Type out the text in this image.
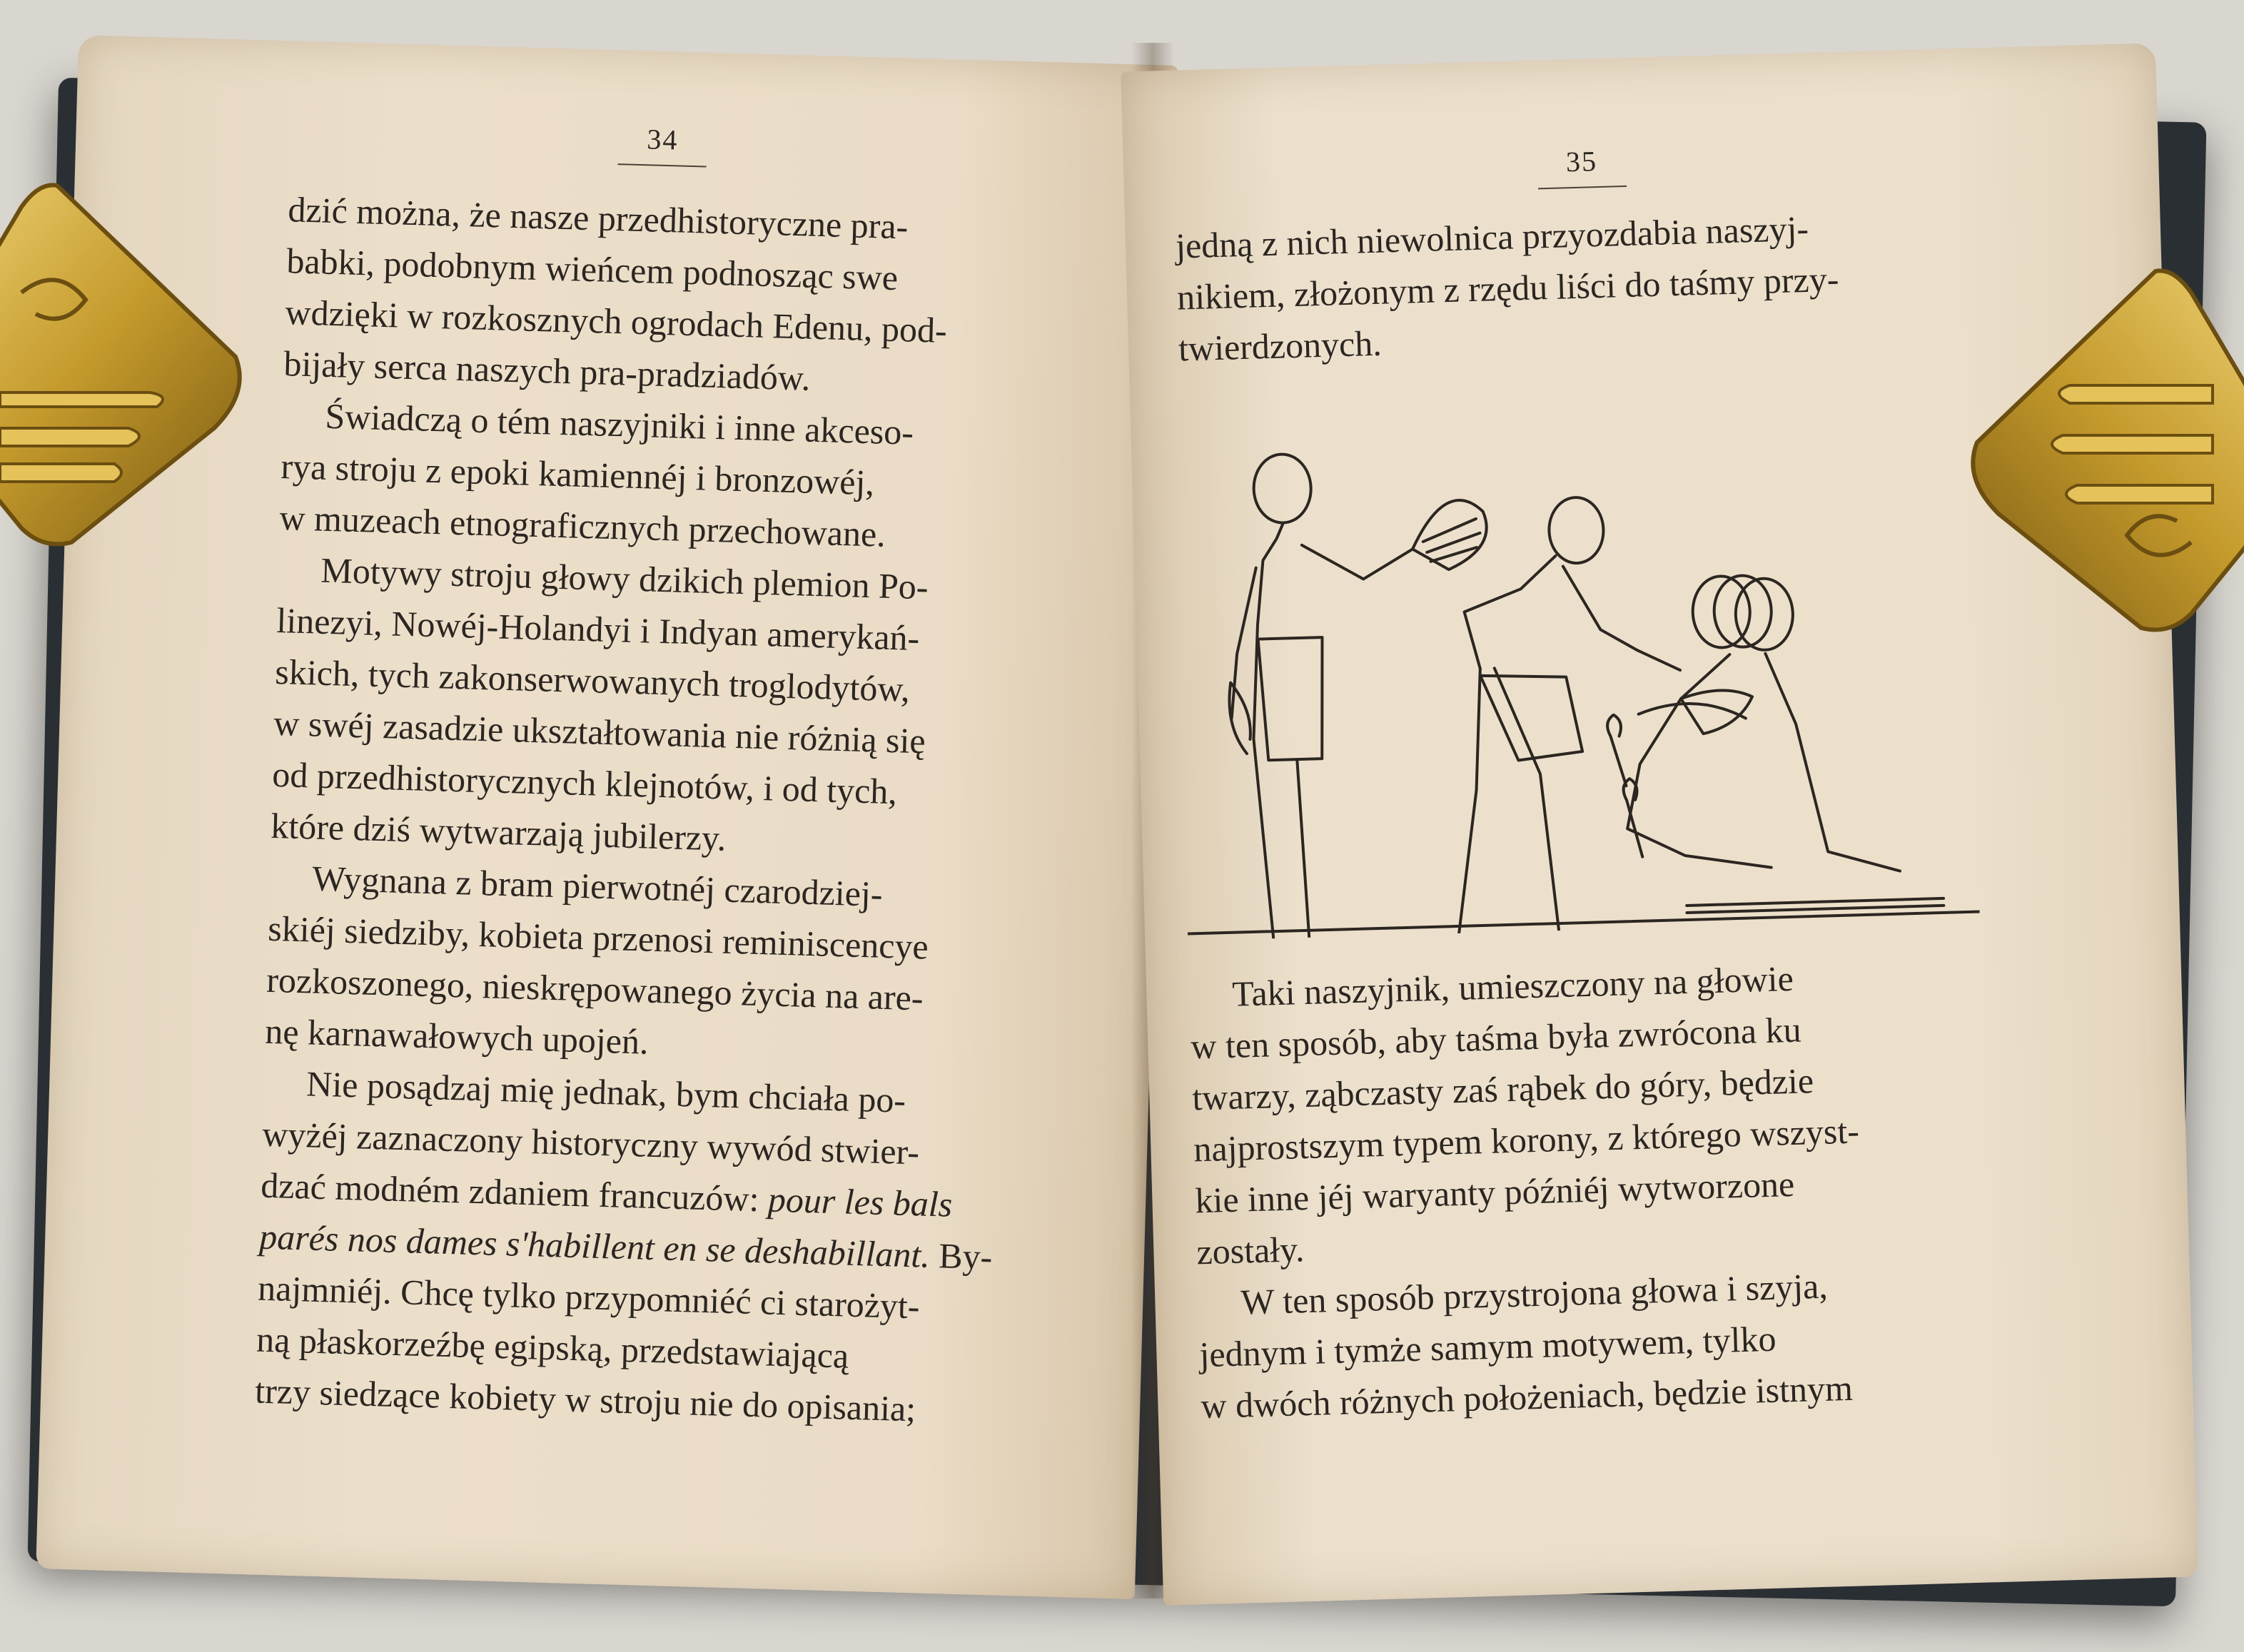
34
dzić można, że nasze przedhistoryczne pra-
babki, podobnym wieńcem podnosząc swe
wdzięki w rozkosznych ogrodach Edenu, pod-
bijały serca naszych pra-pradziadów.
Świadczą o tém naszyjniki i inne akceso-
rya stroju z epoki kamiennéj i bronzowéj,
w muzeach etnograficznych przechowane.
Motywy stroju głowy dzikich plemion Po-
linezyi, Nowéj-Holandyi i Indyan amerykań-
skich, tych zakonserwowanych troglodytów,
w swéj zasadzie ukształtowania nie różnią się
od przedhistorycznych klejnotów, i od tych,
które dziś wytwarzają jubilerzy.
Wygnana z bram pierwotnéj czarodziej-
skiéj siedziby, kobieta przenosi reminiscencye
rozkoszonego, nieskrępowanego życia na are-
nę karnawałowych upojeń.
Nie posądzaj mię jednak, bym chciała po-
wyżéj zaznaczony historyczny wywód stwier-
dzać modném zdaniem francuzów: pour les bals
parés nos dames s'habillent en se deshabillant. By-
najmniéj. Chcę tylko przypomniéć ci starożyt-
ną płaskorzeźbę egipską, przedstawiającą
trzy siedzące kobiety w stroju nie do opisania;
35
jedną z nich niewolnica przyozdabia naszyj-
nikiem, złożonym z rzędu liści do taśmy przy-
twierdzonych.
Taki naszyjnik, umieszczony na głowie
w ten sposób, aby taśma była zwrócona ku
twarzy, ząbczasty zaś rąbek do góry, będzie
najprostszym typem korony, z którego wszyst-
kie inne jéj waryanty późniéj wytworzone
zostały.
W ten sposób przystrojona głowa i szyja,
jednym i tymże samym motywem, tylko
w dwóch różnych położeniach, będzie istnym
